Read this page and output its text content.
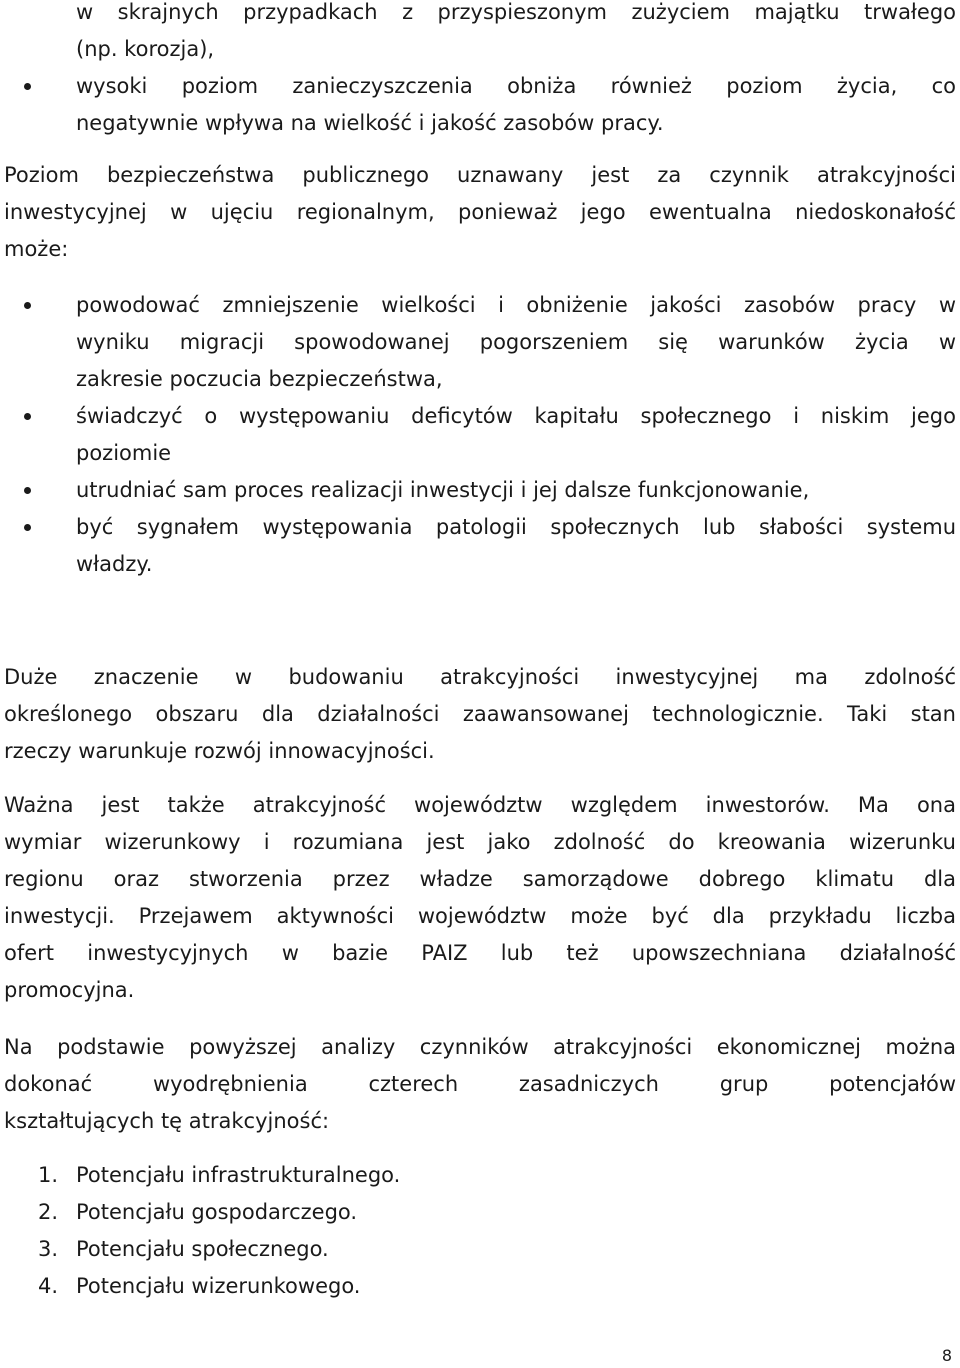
w skrajnych przypadkach z przyspieszonym zużyciem majątku trwałego
(np. korozja),
wysoki poziom zanieczyszczenia obniża również poziom życia, co
negatywnie wpływa na wielkość i jakość zasobów pracy.
Poziom bezpieczeństwa publicznego uznawany jest za czynnik atrakcyjności
inwestycyjnej w ujęciu regionalnym, ponieważ jego ewentualna niedoskonałość
może:
powodować zmniejszenie wielkości i obniżenie jakości zasobów pracy w
wyniku migracji spowodowanej pogorszeniem się warunków życia w
zakresie poczucia bezpieczeństwa,
świadczyć o występowaniu deficytów kapitału społecznego i niskim jego
poziomie
utrudniać sam proces realizacji inwestycji i jej dalsze funkcjonowanie,
być sygnałem występowania patologii społecznych lub słabości systemu
władzy.
Duże znaczenie w budowaniu atrakcyjności inwestycyjnej ma zdolność
określonego obszaru dla działalności zaawansowanej technologicznie. Taki stan
rzeczy warunkuje rozwój innowacyjności.
Ważna jest także atrakcyjność województw względem inwestorów. Ma ona
wymiar wizerunkowy i rozumiana jest jako zdolność do kreowania wizerunku
regionu oraz stworzenia przez władze samorządowe dobrego klimatu dla
inwestycji. Przejawem aktywności województw może być dla przykładu liczba
ofert inwestycyjnych w bazie PAIZ lub też upowszechniana działalność
promocyjna.
Na podstawie powyższej analizy czynników atrakcyjności ekonomicznej można
dokonać wyodrębnienia czterech zasadniczych grup potencjałów
kształtujących tę atrakcyjność:
1. Potencjału infrastrukturalnego.
2. Potencjału gospodarczego.
3. Potencjału społecznego.
4. Potencjału wizerunkowego.
8
